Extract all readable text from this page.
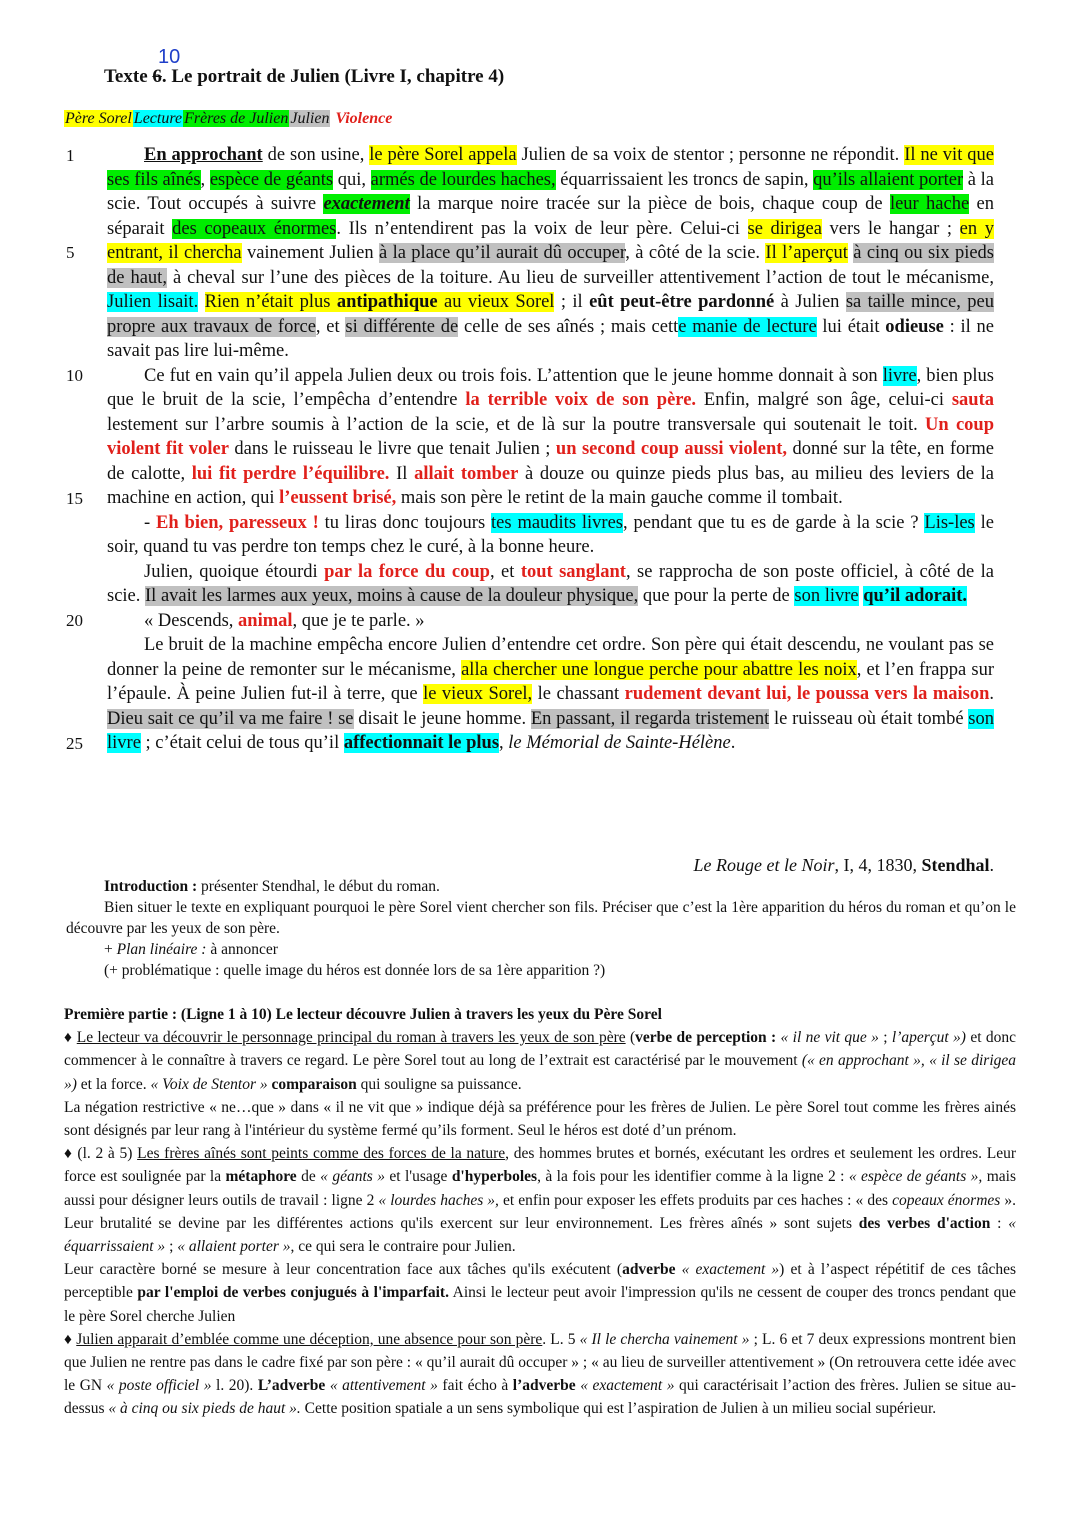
10
Texte 6. Le portrait de Julien (Livre I, chapitre 4)
Père Sorel Lecture Frères de Julien Julien Violence
1
5
10
15
20
25

En approchant de son usine, le père Sorel appela Julien de sa voix de stentor ; personne ne répondit. Il ne vit que ses fils aînés, espèce de géants qui, armés de lourdes haches, équarrissaient les troncs de sapin, qu’ils allaient porter à la scie. Tout occupés à suivre exactement la marque noire tracée sur la pièce de bois, chaque coup de leur hache en séparait des copeaux énormes. Ils n’entendirent pas la voix de leur père. Celui-ci se dirigea vers le hangar ; en y entrant, il chercha vainement Julien à la place qu’il aurait dû occuper, à côté de la scie. Il l’aperçut à cinq ou six pieds de haut, à cheval sur l’une des pièces de la toiture. Au lieu de surveiller attentivement l’action de tout le mécanisme, Julien lisait. Rien n’était plus antipathique au vieux Sorel ; il eût peut-être pardonné à Julien sa taille mince, peu propre aux travaux de force, et si différente de celle de ses aînés ; mais cette manie de lecture lui était odieuse : il ne savait pas lire lui-même.

Ce fut en vain qu’il appela Julien deux ou trois fois. L’attention que le jeune homme donnait à son livre, bien plus que le bruit de la scie, l’empêcha d’entendre la terrible voix de son père. Enfin, malgré son âge, celui-ci sauta lestement sur l’arbre soumis à l’action de la scie, et de là sur la poutre transversale qui soutenait le toit. Un coup violent fit voler dans le ruisseau le livre que tenait Julien ; un second coup aussi violent, donné sur la tête, en forme de calotte, lui fit perdre l’équilibre. Il allait tomber à douze ou quinze pieds plus bas, au milieu des leviers de la machine en action, qui l’eussent brisé, mais son père le retint de la main gauche comme il tombait.

- Eh bien, paresseux ! tu liras donc toujours tes maudits livres, pendant que tu es de garde à la scie ? Lis-les le soir, quand tu vas perdre ton temps chez le curé, à la bonne heure.

Julien, quoique étourdi par la force du coup, et tout sanglant, se rapprocha de son poste officiel, à côté de la scie. Il avait les larmes aux yeux, moins à cause de la douleur physique, que pour la perte de son livre qu’il adorait.

« Descends, animal, que je te parle. »

Le bruit de la machine empêcha encore Julien d’entendre cet ordre. Son père qui était descendu, ne voulant pas se donner la peine de remonter sur le mécanisme, alla chercher une longue perche pour abattre les noix, et l’en frappa sur l’épaule. À peine Julien fut-il à terre, que le vieux Sorel, le chassant rudement devant lui, le poussa vers la maison. Dieu sait ce qu’il va me faire ! se disait le jeune homme. En passant, il regarda tristement le ruisseau où était tombé son livre ; c’était celui de tous qu’il affectionnait le plus, le Mémorial de Sainte-Hélène.

Le Rouge et le Noir, I, 4, 1830, Stendhal.

Introduction : présenter Stendhal, le début du roman.

Bien situer le texte en expliquant pourquoi le père Sorel vient chercher son fils. Préciser que c’est la 1ère apparition du héros du roman et qu’on le découvre par les yeux de son père.

+ Plan linéaire : à annoncer

(+ problématique : quelle image du héros est donnée lors de sa 1ère apparition ?)

Première partie : (Ligne 1 à 10) Le lecteur découvre Julien à travers les yeux du Père Sorel

♦ Le lecteur va découvrir le personnage principal du roman à travers les yeux de son père (verbe de perception : « il ne vit que » ; l’aperçut ») et donc commencer à le connaître à travers ce regard. Le père Sorel tout au long de l’extrait est caractérisé par le mouvement (« en approchant », « il se dirigea ») et la force. « Voix de Stentor » comparaison qui souligne sa puissance.

La négation restrictive « ne…que » dans « il ne vit que » indique déjà sa préférence pour les frères de Julien. Le père Sorel tout comme les frères ainés sont désignés par leur rang à l'intérieur du système fermé qu’ils forment. Seul le héros est doté d’un prénom.

♦ (l. 2 à 5) Les frères aînés sont peints comme des forces de la nature, des hommes brutes et bornés, exécutant les ordres et seulement les ordres. Leur force est soulignée par la métaphore de « géants » et l'usage d'hyperboles, à la fois pour les identifier comme à la ligne 2 : « espèce de géants », mais aussi pour désigner leurs outils de travail : ligne 2 « lourdes haches », et enfin pour exposer les effets produits par ces haches : « des copeaux énormes ». Leur brutalité se devine par les différentes actions qu'ils exercent sur leur environnement. Les frères aînés » sont sujets des verbes d'action : « équarrissaient » ; « allaient porter », ce qui sera le contraire pour Julien.

Leur caractère borné se mesure à leur concentration face aux tâches qu'ils exécutent (adverbe « exactement ») et à l’aspect répétitif de ces tâches perceptible par l'emploi de verbes conjugués à l'imparfait. Ainsi le lecteur peut avoir l'impression qu'ils ne cessent de couper des troncs pendant que le père Sorel cherche Julien

♦ Julien apparait d’emblée comme une déception, une absence pour son père. L. 5 « Il le chercha vainement » ; L. 6 et 7 deux expressions montrent bien que Julien ne rentre pas dans le cadre fixé par son père : « qu’il aurait dû occuper » ; « au lieu de surveiller attentivement » (On retrouvera cette idée avec le GN « poste officiel » l. 20). L’adverbe « attentivement » fait écho à l’adverbe « exactement » qui caractérisait l’action des frères. Julien se situe au-dessus « à cinq ou six pieds de haut ». Cette position spatiale a un sens symbolique qui est l’aspiration de Julien à un milieu social supérieur.
